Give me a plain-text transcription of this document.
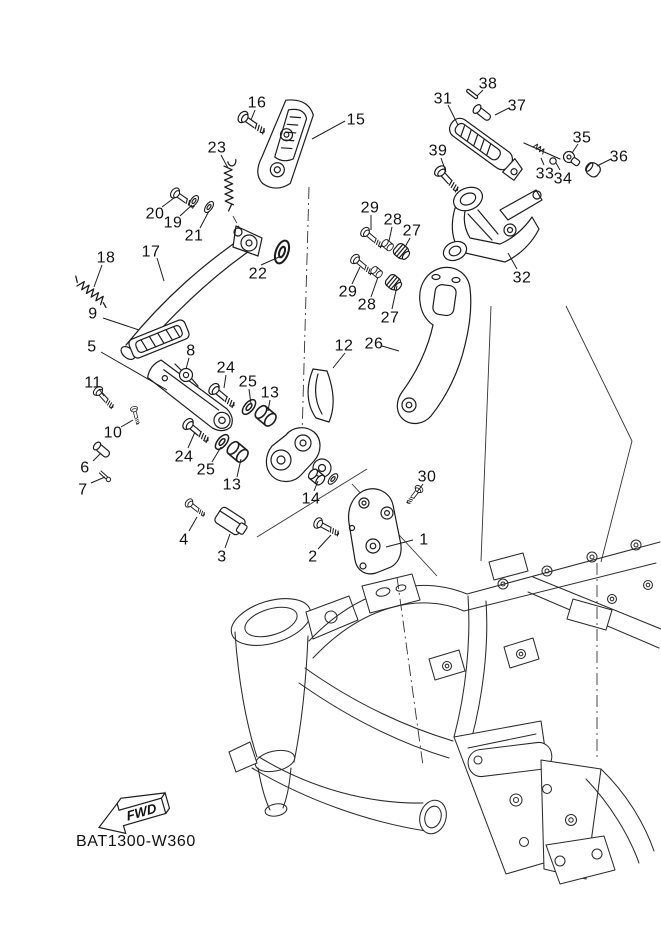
1
2
3
4
5
6
7
8
9
10
11
12
13
13
14
15
16
17
18
19
20
21
22
23
24
24
25
25
26
27
27
28
28
29
29
30
31
32
33 34
35
36
37
38
39
FWD
BAT1300-W360
